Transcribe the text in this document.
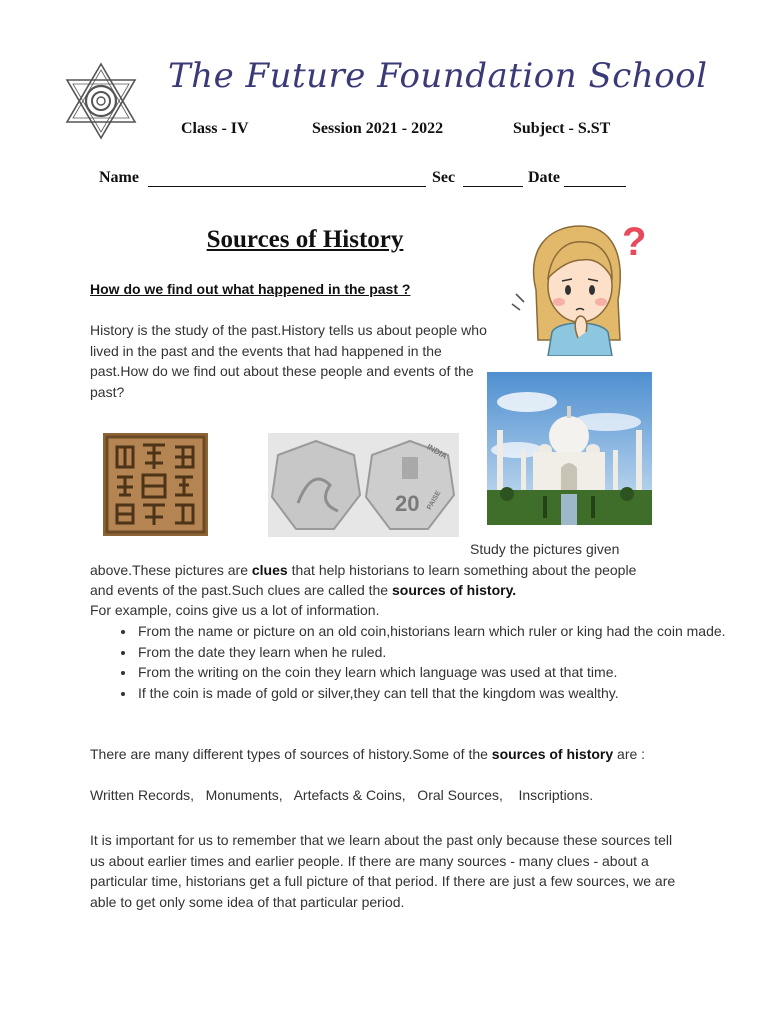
The Future Foundation School
Class - IV	Session 2021 - 2022	Subject - S.ST
Name	Sec	Date
Sources of History	?
How do we find out what happened in the past ?
History is the study of the past.History tells us about people who lived in the past and the events that had happened in the past.How do we find out about these people and events of the past?
INDIA
20 PAISE
Study the pictures given above.These pictures are clues that help historians to learn something about the people and events of the past.Such clues are called the sources of history.
For example, coins give us a lot of information.
• From the name or picture on an old coin,historians learn which ruler or king had the coin made.
• From the date they learn when he ruled.
• From the writing on the coin they learn which language was used at that time.
• If the coin is made of gold or silver,they can tell that the kingdom was wealthy.
There are many different types of sources of history.Some of the sources of history are :
Written Records,   Monuments,   Artefacts & Coins,   Oral Sources,    Inscriptions.
It is important for us to remember that we learn about the past only because these sources tell us about earlier times and earlier people. If there are many sources - many clues - about a particular time, historians get a full picture of that period. If there are just a few sources, we are able to get only some idea of that particular period.
